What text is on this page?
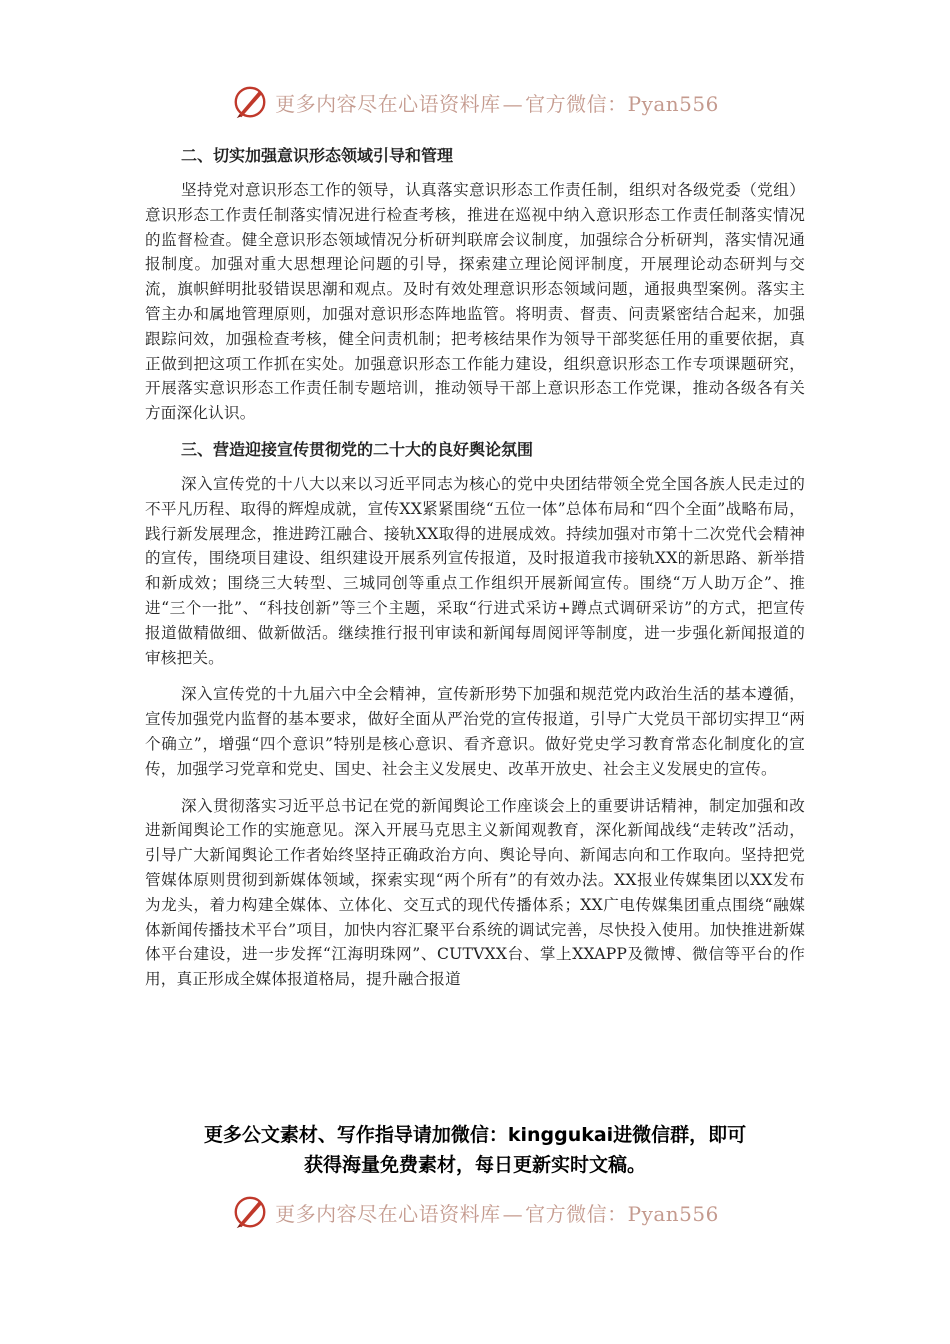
更多内容尽在心语资料库 — 官方微信：Pyan556
二、切实加强意识形态领域引导和管理

坚持党对意识形态工作的领导，认真落实意识形态工作责任制，组织对各级党委（党组）意识形态工作责任制落实情况进行检查考核，推进在巡视中纳入意识形态工作责任制落实情况的监督检查。健全意识形态领域情况分析研判联席会议制度，加强综合分析研判，落实情况通报制度。加强对重大思想理论问题的引导，探索建立理论阅评制度，开展理论动态研判与交流，旗帜鲜明批驳错误思潮和观点。及时有效处理意识形态领域问题，通报典型案例。落实主管主办和属地管理原则，加强对意识形态阵地监管。将明责、督责、问责紧密结合起来，加强跟踪问效，加强检查考核，健全问责机制；把考核结果作为领导干部奖惩任用的重要依据，真正做到把这项工作抓在实处。加强意识形态工作能力建设，组织意识形态工作专项课题研究，开展落实意识形态工作责任制专题培训，推动领导干部上意识形态工作党课，推动各级各有关方面深化认识。

三、营造迎接宣传贯彻党的二十大的良好舆论氛围

深入宣传党的十八大以来以习近平同志为核心的党中央团结带领全党全国各族人民走过的不平凡历程、取得的辉煌成就，宣传XX紧紧围绕“五位一体”总体布局和“四个全面”战略布局，践行新发展理念，推进跨江融合、接轨XX取得的进展成效。持续加强对市第十二次党代会精神的宣传，围绕项目建设、组织建设开展系列宣传报道，及时报道我市接轨XX的新思路、新举措和新成效；围绕三大转型、三城同创等重点工作组织开展新闻宣传。围绕“万人助万企”、推进“三个一批”、“科技创新”等三个主题，采取“行进式采访+蹲点式调研采访”的方式，把宣传报道做精做细、做新做活。继续推行报刊审读和新闻每周阅评等制度，进一步强化新闻报道的审核把关。

深入宣传党的十九届六中全会精神，宣传新形势下加强和规范党内政治生活的基本遵循，宣传加强党内监督的基本要求，做好全面从严治党的宣传报道，引导广大党员干部切实捍卫“两个确立”，增强“四个意识”特别是核心意识、看齐意识。做好党史学习教育常态化制度化的宣传，加强学习党章和党史、国史、社会主义发展史、改革开放史、社会主义发展史的宣传。

深入贯彻落实习近平总书记在党的新闻舆论工作座谈会上的重要讲话精神，制定加强和改进新闻舆论工作的实施意见。深入开展马克思主义新闻观教育，深化新闻战线“走转改”活动，引导广大新闻舆论工作者始终坚持正确政治方向、舆论导向、新闻志向和工作取向。坚持把党管媒体原则贯彻到新媒体领域，探索实现“两个所有”的有效办法。XX报业传媒集团以XX发布为龙头，着力构建全媒体、立体化、交互式的现代传播体系；XX广电传媒集团重点围绕“融媒体新闻传播技术平台”项目，加快内容汇聚平台系统的调试完善，尽快投入使用。加快推进新媒体平台建设，进一步发挥“江海明珠网”、CUTVXX台、掌上XXAPP及微博、微信等平台的作用，真正形成全媒体报道格局，提升融合报道

更多公文素材、写作指导请加微信：kinggukai进微信群，即可
获得海量免费素材，每日更新实时文稿。
更多内容尽在心语资料库 — 官方微信：Pyan556
